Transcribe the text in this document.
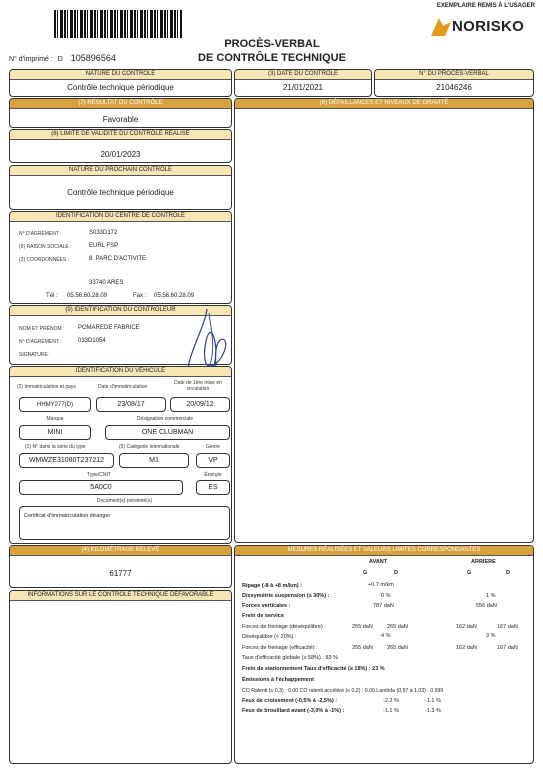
EXEMPLAIRE REMIS À L'USAGER
NORISKO
PROCÈS-VERBAL
DE CONTRÔLE TECHNIQUE
N° d'imprimé : D 105896564
NATURE DU CONTRÔLE
Contrôle technique périodique
(3) DATE DU CONTRÔLE
21/01/2021
N° DU PROCÈS-VERBAL
21046246
(7) RÉSULTAT DU CONTRÔLE
Favorable
(8) LIMITE DE VALIDITÉ DU CONTRÔLE RÉALISÉ
20/01/2023
NATURE DU PROCHAIN CONTRÔLE
Contrôle technique périodique
(6) DÉFAILLANCES ET NIVEAUX DE GRAVITÉ
IDENTIFICATION DU CENTRE DE CONTRÔLE
N° D'AGRÉMENT :	S033D172
(9) RAISON SOCIALE :	EURL FSP
(3) COORDONNÉES :	8. PARC D'ACTIVITE
33740 ARES
Tél : 05.56.60.28.09	Fax : 05.56.60.28.09
(9) IDENTIFICATION DU CONTRÔLEUR
NOM ET PRÉNOM : POMAREDE FABRICE
N° D'AGRÉMENT :	033D1054
SIGNATURE :
IDENTIFICATION DU VÉHICULE
(2) Immatriculation et pays	Date d'immatriculation
Date de 1ère mise en circulation
HHMY277(D)	23/08/17	20/09/12
Marque	Désignation commerciale
MINI	ONE CLUBMAN
(1) N° dans la série du type	(5) Catégorie internationale	Genre
WMWZE31080T237212	M1	VP
Type/CNIT	Énergie
5A0C0	ES
Document(s) présenté(s)
Certificat d'immatriculation étranger
(4) KILOMÉTRAGE RELEVÉ
61777
INFORMATIONS SUR LE CONTRÔLE TECHNIQUE DÉFAVORABLE
MESURES RÉALISÉES ET VALEURS LIMITES CORRESPONDANTES
AVANT	ARRIERE
G	D	G	D
Ripage (-8 à +8 m/km) :	+0.7 m/km
Dissymétrie suspension (≤ 30%) :	0 %	1 %
Forces verticales :	787 daN	556 daN
Frein de service
Forces de freinage (déséquilibre) :	255 daN	265 daN	162 daN	167 daN
Déséquilibre (< 20%) :	4 %	3 %
Forces de freinage (efficacité) :	255 daN	265 daN	162 daN	167 daN
Taux d'efficacité globale (≥ 58%) : 83 %
Frein de stationnement Taux d'efficacité (≥ 18%) : 23 %
Émissions à l'échappement
CO Ralenti (≤ 0,3) : 0.00 CO ralenti accéléré (≤ 0,2) : 0.00 Lambda (0,97 à 1,03) : 0.999
Feux de croisement (-0,5% à -2,5%) :	-2.2 %	-1.1 %
Feux de brouillard avant (-3,0% à -1%) :	-1.1 %	-1.3 %
